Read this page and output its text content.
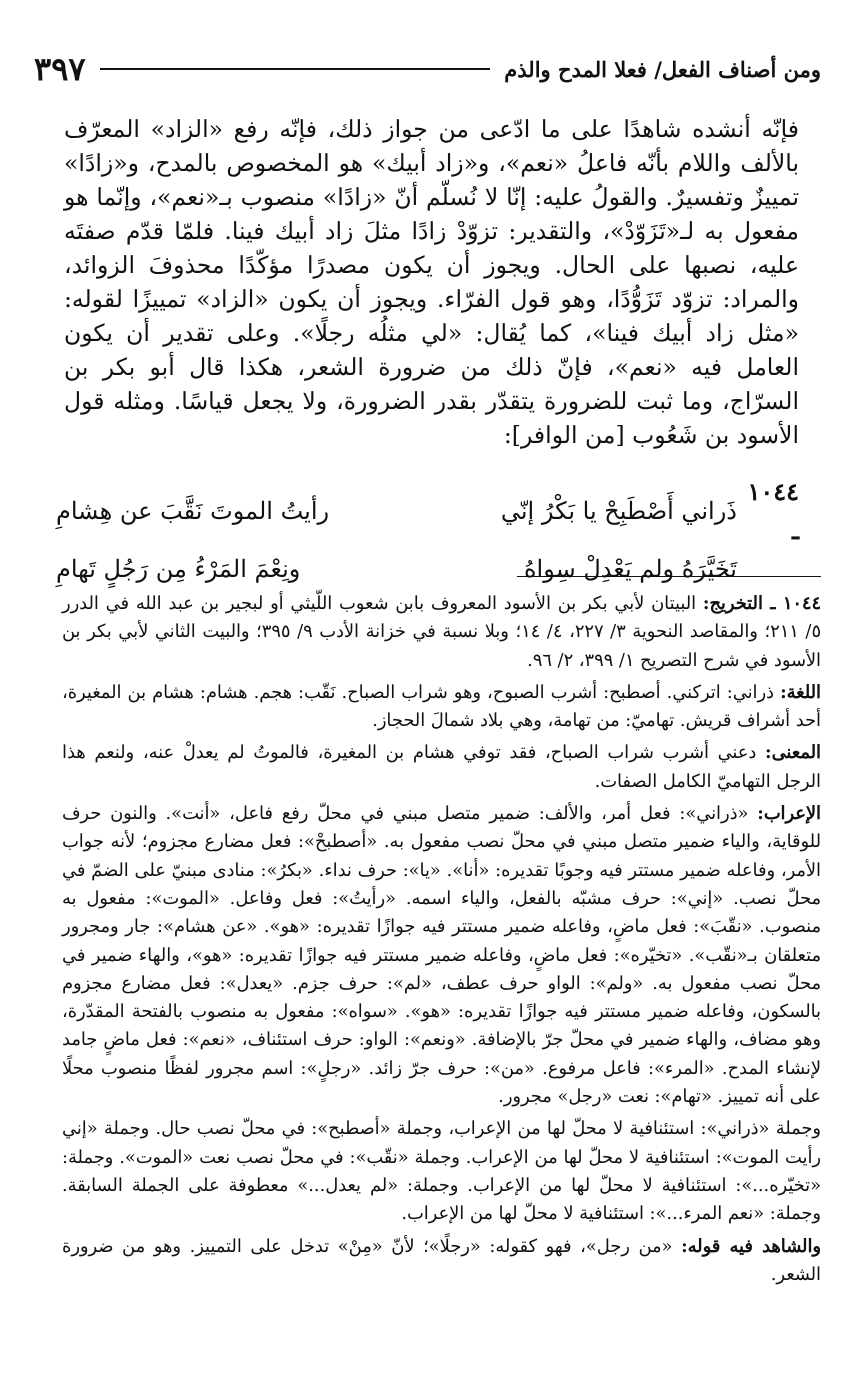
ومن أصناف الفعل/ فعلا المدح والذم
٣٩٧

فإنّه أنشده شاهدًا على ما ادّعى من جواز ذلك، فإنّه رفع «الزاد» المعرّف بالألف واللام بأنّه فاعلُ «نعم»، و«زاد أبيك» هو المخصوص بالمدح، و«زادًا» تمييزٌ وتفسيرٌ. والقولُ عليه: إنّا لا نُسلّم أنّ «زادًا» منصوب بـ«نعم»، وإنّما هو مفعول به لـ«تَزَوّدْ»، والتقدير: تزوّدْ زادًا مثلَ زاد أبيك فينا. فلمّا قدّم صفتَه عليه، نصبها على الحال. ويجوز أن يكون مصدرًا مؤكّدًا محذوفَ الزوائد، والمراد: تزوّد تَزَوُّدًا، وهو قول الفرّاء. ويجوز أن يكون «الزاد» تمييزًا لقوله: «مثل زاد أبيك فينا»، كما يُقال: «لي مثلُه رجلًا». وعلى تقدير أن يكون العامل فيه «نعم»، فإنّ ذلك من ضرورة الشعر، هكذا قال أبو بكر بن السرّاج، وما ثبت للضرورة يتقدّر بقدر الضرورة، ولا يجعل قياسًا. ومثله قول الأسود بن شَعُوب [من الوافر]:

١٠٤٤ ـ
ذَراني أَصْطَبِحْ يا بَكْرُ إنّي
رأيتُ الموتَ نَقَّبَ عن هِشامِ
تَخَيَّرَهُ ولم يَعْدِلْ سِواهُ
ونِعْمَ المَرْءُ مِن رَجُلٍ تَهامِ

١٠٤٤ ـ التخريج: البيتان لأبي بكر بن الأسود المعروف بابن شعوب اللّيثي أو لبجير بن عبد الله في الدرر ٥/ ٢١١؛ والمقاصد النحوية ٣/ ٢٢٧، ٤/ ١٤؛ وبلا نسبة في خزانة الأدب ٩/ ٣٩٥؛ والبيت الثاني لأبي بكر بن الأسود في شرح التصريح ١/ ٣٩٩، ٢/ ٩٦.

اللغة: ذراني: اتركني. أصطبح: أشرب الصبوح، وهو شراب الصباح. نَقّب: هجم. هشام: هشام بن المغيرة، أحد أشراف قريش. تهاميّ: من تهامة، وهي بلاد شمالَ الحجاز.

المعنى: دعني أشرب شراب الصباح، فقد توفي هشام بن المغيرة، فالموتُ لم يعدلْ عنه، ولنعم هذا الرجل التهاميّ الكامل الصفات.

الإعراب: «ذراني»: فعل أمر، والألف: ضمير متصل مبني في محلّ رفع فاعل، «أنت». والنون حرف للوقاية، والياء ضمير متصل مبني في محلّ نصب مفعول به. «أصطبحْ»: فعل مضارع مجزوم؛ لأنه جواب الأمر، وفاعله ضمير مستتر فيه وجوبًا تقديره: «أنا». «يا»: حرف نداء. «بكرُ»: منادى مبنيّ على الضمّ في محلّ نصب. «إني»: حرف مشبّه بالفعل، والياء اسمه. «رأيتُ»: فعل وفاعل. «الموت»: مفعول به منصوب. «نقّبَ»: فعل ماضٍ، وفاعله ضمير مستتر فيه جوازًا تقديره: «هو». «عن هشام»: جار ومجرور متعلقان بـ«نقّب». «تخيّره»: فعل ماضٍ، وفاعله ضمير مستتر فيه جوازًا تقديره: «هو»، والهاء ضمير في محلّ نصب مفعول به. «ولم»: الواو حرف عطف، «لم»: حرف جزم. «يعدل»: فعل مضارع مجزوم بالسكون، وفاعله ضمير مستتر فيه جوازًا تقديره: «هو». «سواه»: مفعول به منصوب بالفتحة المقدّرة، وهو مضاف، والهاء ضمير في محلّ جرّ بالإضافة. «ونعم»: الواو: حرف استئناف، «نعم»: فعل ماضٍ جامد لإنشاء المدح. «المرء»: فاعل مرفوع. «من»: حرف جرّ زائد. «رجلٍ»: اسم مجرور لفظًا منصوب محلًا على أنه تمييز. «تهام»: نعت «رجل» مجرور.

وجملة «ذراني»: استئنافية لا محلّ لها من الإعراب، وجملة «أصطبح»: في محلّ نصب حال. وجملة «إني رأيت الموت»: استئنافية لا محلّ لها من الإعراب. وجملة «نقّب»: في محلّ نصب نعت «الموت». وجملة: «تخيّره...»: استئنافية لا محلّ لها من الإعراب. وجملة: «لم يعدل...» معطوفة على الجملة السابقة. وجملة: «نعم المرء...»: استئنافية لا محلّ لها من الإعراب.

والشاهد فيه قوله: «من رجل»، فهو كقوله: «رجلًا»؛ لأنّ «مِنْ» تدخل على التمييز. وهو من ضرورة الشعر.
